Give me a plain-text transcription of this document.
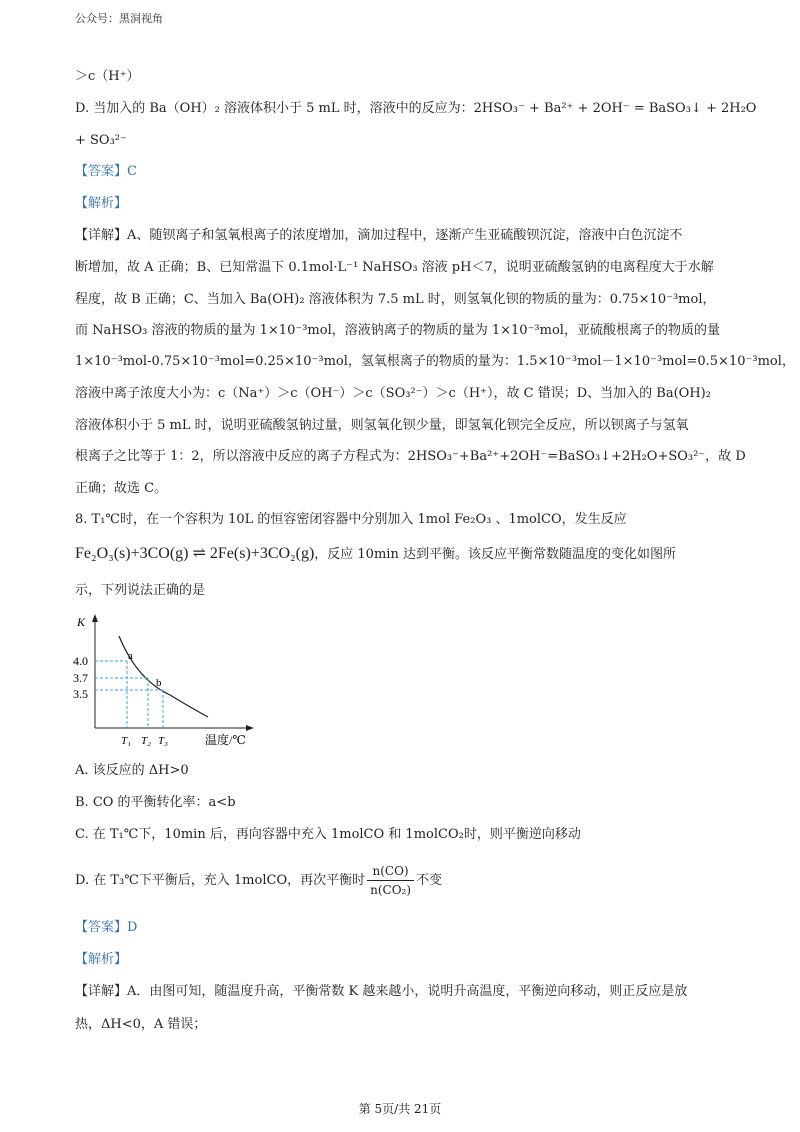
公众号：黑洞视角
＞c（H⁺）
D. 当加入的 Ba（OH）₂ 溶液体积小于 5 mL 时，溶液中的反应为：2HSO₃⁻ + Ba²⁺ + 2OH⁻ = BaSO₃↓ + 2H₂O
+ SO₃²⁻
【答案】C
【解析】
【详解】A、随钡离子和氢氧根离子的浓度增加，滴加过程中，逐渐产生亚硫酸钡沉淀，溶液中白色沉淀不
断增加，故 A 正确；B、已知常温下 0.1mol·L⁻¹ NaHSO₃ 溶液 pH＜7，说明亚硫酸氢钠的电离程度大于水解
程度，故 B 正确；C、当加入 Ba(OH)₂ 溶液体积为 7.5 mL 时，则氢氧化钡的物质的量为：0.75×10⁻³mol，
而 NaHSO₃ 溶液的物质的量为 1×10⁻³mol，溶液钠离子的物质的量为 1×10⁻³mol，亚硫酸根离子的物质的量
1×10⁻³mol-0.75×10⁻³mol=0.25×10⁻³mol，氢氧根离子的物质的量为：1.5×10⁻³mol－1×10⁻³mol=0.5×10⁻³mol，
溶液中离子浓度大小为：c（Na⁺）＞c（OH⁻）＞c（SO₃²⁻）＞c（H⁺），故 C 错误；D、当加入的 Ba(OH)₂
溶液体积小于 5 mL 时，说明亚硫酸氢钠过量，则氢氧化钡少量，即氢氧化钡完全反应，所以钡离子与氢氧
根离子之比等于 1：2，所以溶液中反应的离子方程式为：2HSO₃⁻+Ba²⁺+2OH⁻=BaSO₃↓+2H₂O+SO₃²⁻，故 D
正确；故选 C。
8. T₁℃时，在一个容积为 10L 的恒容密闭容器中分别加入 1mol Fe₂O₃ 、1molCO，发生反应
Fe₂O₃(s)+3CO(g) ⇌ 2Fe(s)+3CO₂(g)，反应 10min 达到平衡。该反应平衡常数随温度的变化如图所
示，下列说法正确的是
K
4.0
3.7
3.5
a
b
T₁ T₂ T₃	温度/℃
A. 该反应的 ΔH>0
B. CO 的平衡转化率：a<b
C. 在 T₁℃下，10min 后，再向容器中充入 1molCO 和 1molCO₂时，则平衡逆向移动
D. 在 T₃℃下平衡后，充入 1molCO，再次平衡时 $\frac{n(CO)}{\text{n(CO₂)}}$ 不变
【答案】D
【解析】
【详解】A．由图可知，随温度升高，平衡常数 K 越来越小，说明升高温度，平衡逆向移动，则正反应是放
热，ΔH<0，A 错误；
第 5页/共 21页
